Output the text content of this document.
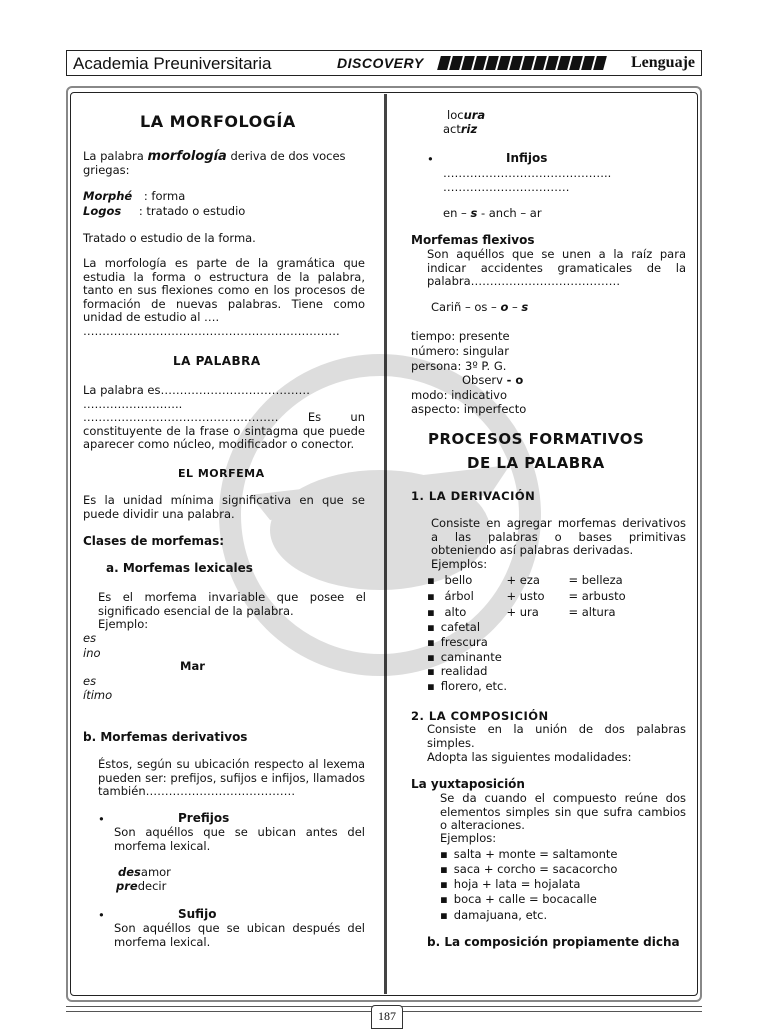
Academia Preuniversitaria	DISCOVERY	Lenguaje
LA MORFOLOGÍA
La palabra morfología deriva de dos voces griegas:
Morphé : forma
Logos : tratado o estudio
Tratado o estudio de la forma.
La morfología es parte de la gramática que estudia la forma o estructura de la palabra, tanto en sus flexiones como en los procesos de formación de nuevas palabras. Tiene como unidad de estudio al ….
………………………………………………………….
LA PALABRA
La palabra es…………………………………
……………………..
…………………………………………… Es un constituyente de la frase o sintagma que puede aparecer como núcleo, modificador o conector.
EL MORFEMA
Es la unidad mínima significativa en que se puede dividir una palabra.
Clases de morfemas:
a. Morfemas lexicales
Es el morfema invariable que posee el significado esencial de la palabra.
Ejemplo:
es
ino
Mar
es
ítimo
b. Morfemas derivativos
Éstos, según su ubicación respecto al lexema pueden ser: prefijos, sufijos e infijos, llamados también…………………………………
•	Prefijos
Son aquéllos que se ubican antes del morfema lexical.
desamor
predecir
•	Sufijo
Son aquéllos que se ubican después del morfema lexical.
locura
actriz
•	Infijos
……………………………………..
……………………………
en – s - anch – ar
Morfemas flexivos
Son aquéllos que se unen a la raíz para indicar accidentes gramaticales de la palabra…………………………………
Cariñ – os – o – s
tiempo: presente
número: singular
persona: 3º P. G.
Observ - o
modo: indicativo
aspecto: imperfecto
PROCESOS FORMATIVOS
DE LA PALABRA
1. LA DERIVACIÓN
Consiste en agregar morfemas derivativos a las palabras o bases primitivas obteniendo así palabras derivadas.
Ejemplos:
▪ bello	+ eza = belleza
▪ árbol	+ usto = arbusto
▪ alto	+ ura	= altura
▪ cafetal
▪ frescura
▪ caminante
▪ realidad
▪ florero, etc.
2. LA COMPOSICIÓN
Consiste en la unión de dos palabras simples.
Adopta las siguientes modalidades:
La yuxtaposición
Se da cuando el compuesto reúne dos elementos simples sin que sufra cambios o alteraciones.
Ejemplos:
▪ salta + monte = saltamonte
▪ saca + corcho = sacacorcho
▪ hoja + lata = hojalata
▪ boca + calle = bocacalle
▪ damajuana, etc.
b. La composición propiamente dicha
187
